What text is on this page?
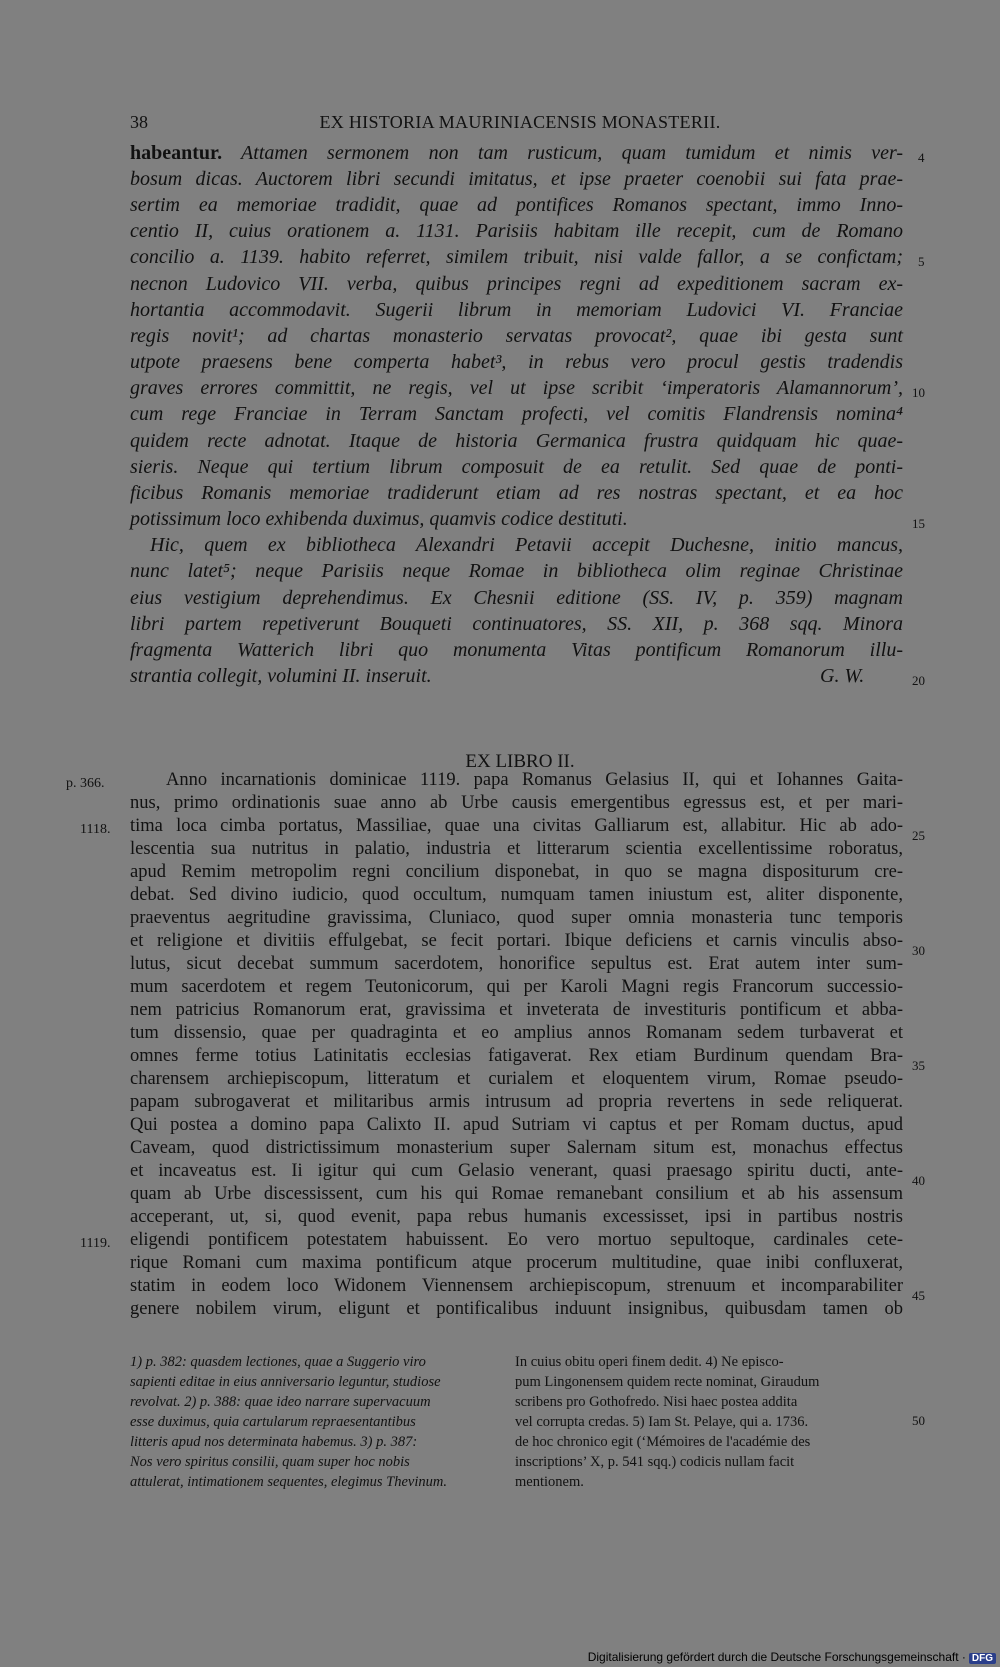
38	EX HISTORIA MAURINIACENSIS MONASTERII.
habeantur. Attamen sermonem non tam rusticum, quam tumidum et nimis ver-
bosum dicas. Auctorem libri secundi imitatus, et ipse praeter coenobii sui fata prae-
sertim ea memoriae tradidit, quae ad pontifices Romanos spectant, immo Inno-
centio II, cuius orationem a. 1131. Parisiis habitam ille recepit, cum de Romano
concilio a. 1139. habito referret, similem tribuit, nisi valde fallor, a se confictam;
necnon Ludovico VII. verba, quibus principes regni ad expeditionem sacram ex-
hortantia accommodavit. Sugerii librum in memoriam Ludovici VI. Franciae
regis novit¹; ad chartas monasterio servatas provocat², quae ibi gesta sunt
utpote praesens bene comperta habet³, in rebus vero procul gestis tradendis
graves errores committit, ne regis, vel ut ipse scribit ‘imperatoris Alamannorum’,
cum rege Franciae in Terram Sanctam profecti, vel comitis Flandrensis nomina⁴
quidem recte adnotat. Itaque de historia Germanica frustra quidquam hic quae-
sieris. Neque qui tertium librum composuit de ea retulit. Sed quae de ponti-
ficibus Romanis memoriae tradiderunt etiam ad res nostras spectant, et ea hoc
potissimum loco exhibenda duximus, quamvis codice destituti.
Hic, quem ex bibliotheca Alexandri Petavii accepit Duchesne, initio mancus,
nunc latet⁵; neque Parisiis neque Romae in bibliotheca olim reginae Christinae
eius vestigium deprehendimus. Ex Chesnii editione (SS. IV, p. 359) magnam
libri partem repetiverunt Bouqueti continuatores, SS. XII, p. 368 sqq. Minora
fragmenta Watterich libri quo monumenta Vitas pontificum Romanorum illu-
strantia collegit, volumini II. inseruit.	G. W.
4
5
10
15
20
EX LIBRO II.
Anno incarnationis dominicae 1119. papa Romanus Gelasius II, qui et Iohannes Gaita-
nus, primo ordinationis suae anno ab Urbe causis emergentibus egressus est, et per mari-
tima loca cimba portatus, Massiliae, quae una civitas Galliarum est, allabitur. Hic ab ado-
lescentia sua nutritus in palatio, industria et litterarum scientia excellentissime roboratus,
apud Remim metropolim regni concilium disponebat, in quo se magna dispositurum cre-
debat. Sed divino iudicio, quod occultum, numquam tamen iniustum est, aliter disponente,
praeventus aegritudine gravissima, Cluniaco, quod super omnia monasteria tunc temporis
et religione et divitiis effulgebat, se fecit portari. Ibique deficiens et carnis vinculis abso-
lutus, sicut decebat summum sacerdotem, honorifice sepultus est. Erat autem inter sum-
mum sacerdotem et regem Teutonicorum, qui per Karoli Magni regis Francorum successio-
nem patricius Romanorum erat, gravissima et inveterata de investituris pontificum et abba-
tum dissensio, quae per quadraginta et eo amplius annos Romanam sedem turbaverat et
omnes ferme totius Latinitatis ecclesias fatigaverat. Rex etiam Burdinum quendam Bra-
charensem archiepiscopum, litteratum et curialem et eloquentem virum, Romae pseudo-
papam subrogaverat et militaribus armis intrusum ad propria revertens in sede reliquerat.
Qui postea a domino papa Calixto II. apud Sutriam vi captus et per Romam ductus, apud
Caveam, quod districtissimum monasterium super Salernam situm est, monachus effectus
et incaveatus est. Ii igitur qui cum Gelasio venerant, quasi praesago spiritu ducti, ante-
quam ab Urbe discessissent, cum his qui Romae remanebant consilium et ab his assensum
acceperant, ut, si, quod evenit, papa rebus humanis excessisset, ipsi in partibus nostris
eligendi pontificem potestatem habuissent. Eo vero mortuo sepultoque, cardinales cete-
rique Romani cum maxima pontificum atque procerum multitudine, quae inibi confluxerat,
statim in eodem loco Widonem Viennensem archiepiscopum, strenuum et incomparabiliter
genere nobilem virum, eligunt et pontificalibus induunt insignibus, quibusdam tamen ob
25
30
35
40
45
p. 366.
1118.
1119.
1) p. 382: quasdem lectiones, quae a Suggerio viro
sapienti editae in eius anniversario leguntur, studiose
revolvat. 2) p. 388: quae ideo narrare supervacuum
esse duximus, quia cartularum repraesentantibus
litteris apud nos determinata habemus. 3) p. 387:
Nos vero spiritus consilii, quam super hoc nobis
attulerat, intimationem sequentes, elegimus Thevinum.
In cuius obitu operi finem dedit. 4) Ne episco-
pum Lingonensem quidem recte nominat, Giraudum
scribens pro Gothofredo. Nisi haec postea addita
vel corrupta credas. 5) Iam St. Pelaye, qui a. 1736.
de hoc chronico egit (‘Mémoires de l'académie des
inscriptions’ X, p. 541 sqq.) codicis nullam facit
mentionem.
50
Digitalisierung gefördert durch die Deutsche Forschungsgemeinschaft · DFG
